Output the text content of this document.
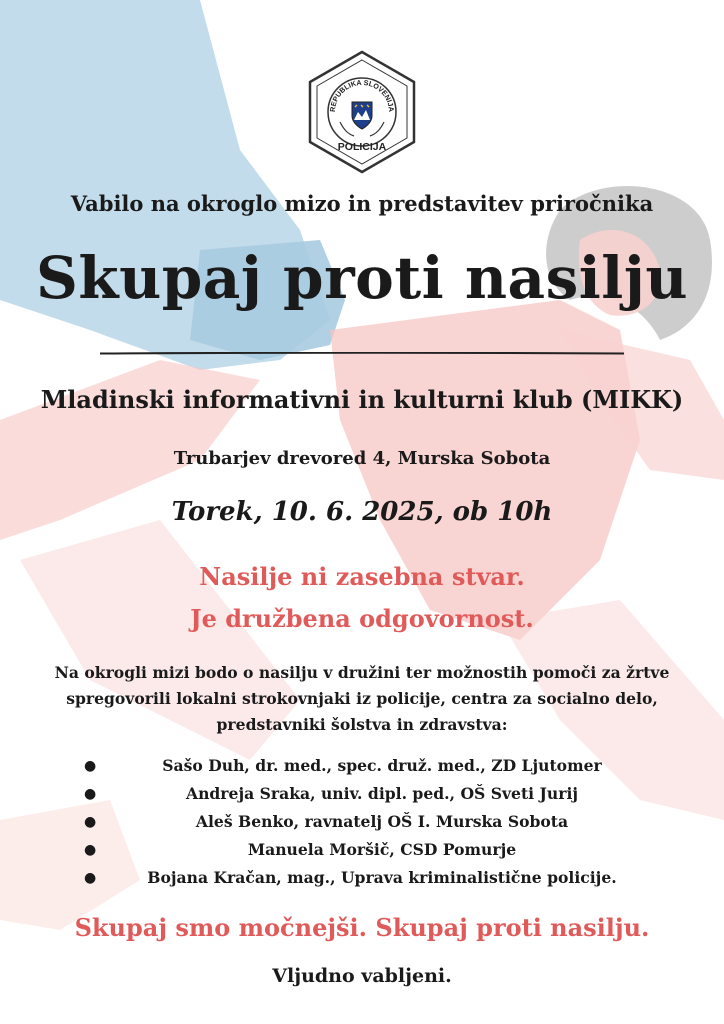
REPUBLIKA SLOVENIJA
POLICIJA
Vabilo na okroglo mizo in predstavitev priročnika
Skupaj proti nasilju
Mladinski informativni in kulturni klub (MIKK)
Trubarjev drevored 4, Murska Sobota
Torek, 10. 6. 2025, ob 10h
Nasilje ni zasebna stvar.
Je družbena odgovornost.
Na okrogli mizi bodo o nasilju v družini ter možnostih pomoči za žrtve spregovorili lokalni strokovnjaki iz policije, centra za socialno delo, predstavniki šolstva in zdravstva:
●	Sašo Duh, dr. med., spec. druž. med., ZD Ljutomer
●	Andreja Sraka, univ. dipl. ped., OŠ Sveti Jurij
●	Aleš Benko, ravnatelj OŠ I. Murska Sobota
●	Manuela Moršič, CSD Pomurje
●	Bojana Kračan, mag., Uprava kriminalistične policije.
Skupaj smo močnejši. Skupaj proti nasilju.
Vljudno vabljeni.
